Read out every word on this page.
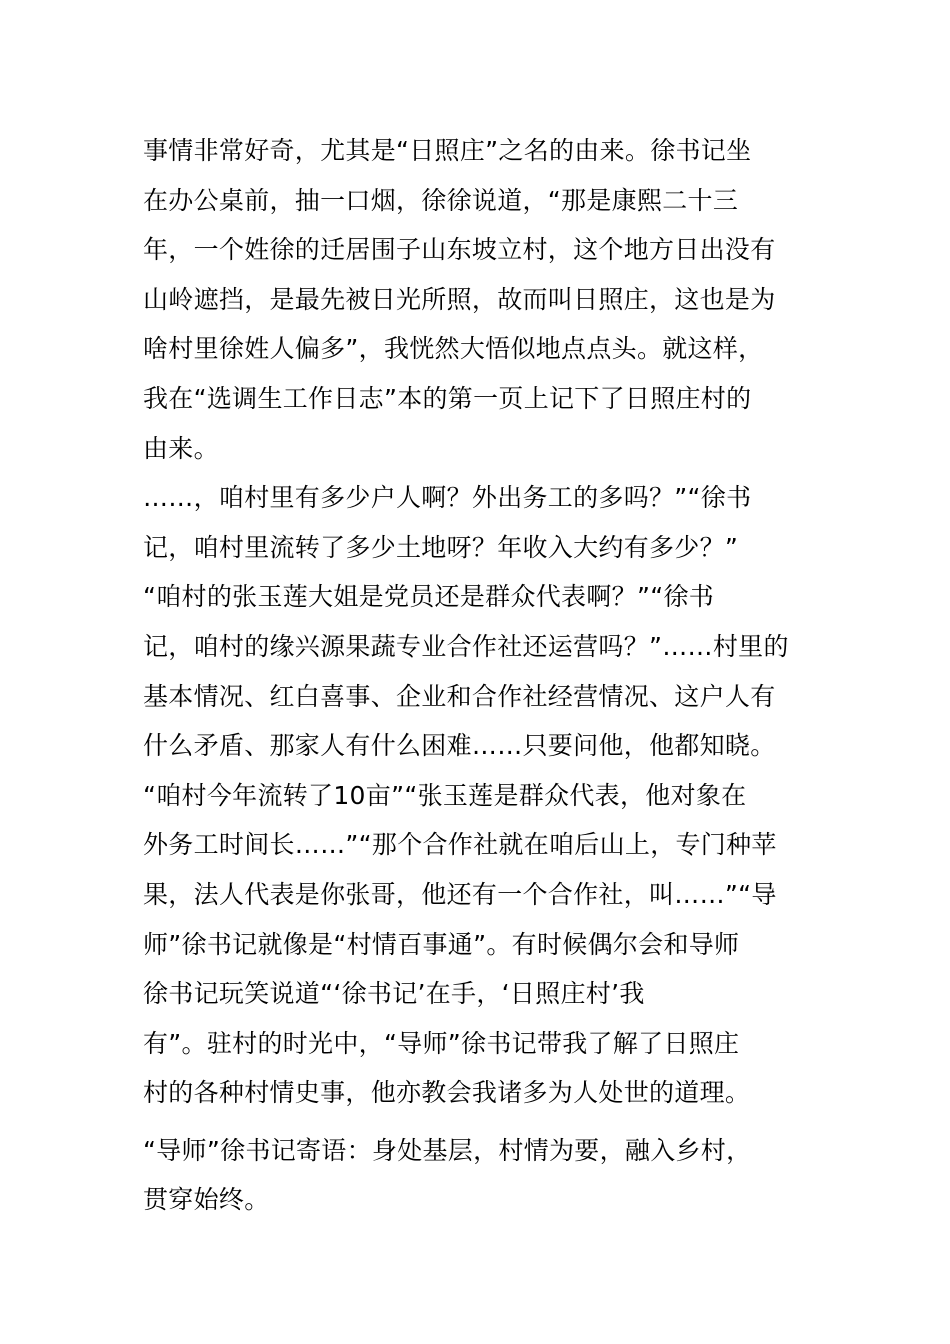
事情非常好奇，尤其是“日照庄”之名的由来。徐书记坐
在办公桌前，抽一口烟，徐徐说道，“那是康熙二十三
年，一个姓徐的迁居围子山东坡立村，这个地方日出没有
山岭遮挡，是最先被日光所照，故而叫日照庄，这也是为
啥村里徐姓人偏多”，我恍然大悟似地点点头。就这样，
我在“选调生工作日志”本的第一页上记下了日照庄村的
由来。
……，咱村里有多少户人啊？外出务工的多吗？”“徐书
记，咱村里流转了多少土地呀？年收入大约有多少？”
“咱村的张玉莲大姐是党员还是群众代表啊？”“徐书
记，咱村的缘兴源果蔬专业合作社还运营吗？”……村里的
基本情况、红白喜事、企业和合作社经营情况、这户人有
什么矛盾、那家人有什么困难……只要问他，他都知晓。
“咱村今年流转了10亩”“张玉莲是群众代表，他对象在
外务工时间长……”“那个合作社就在咱后山上，专门种苹
果，法人代表是你张哥，他还有一个合作社，叫……”“导
师”徐书记就像是“村情百事通”。有时候偶尔会和导师
徐书记玩笑说道“‘徐书记’在手，‘日照庄村’我
有”。驻村的时光中，“导师”徐书记带我了解了日照庄
村的各种村情史事，他亦教会我诸多为人处世的道理。
“导师”徐书记寄语：身处基层，村情为要，融入乡村，
贯穿始终。
